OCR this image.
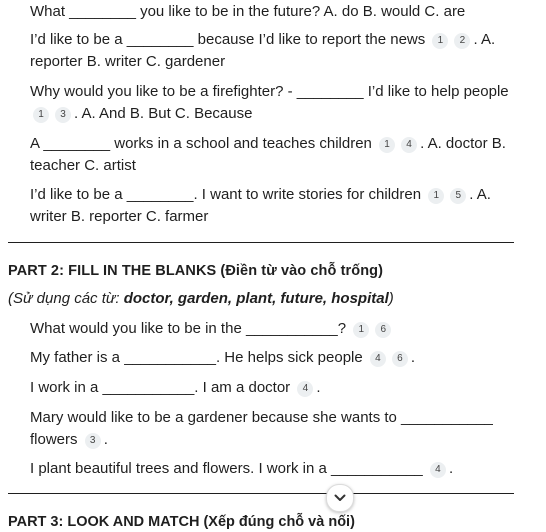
What ________ you like to be in the future? A. do B. would C. are
I’d like to be a ________ because I’d like to report the news 1 2 . A. reporter B. writer C. gardener
Why would you like to be a firefighter? - ________ I’d like to help people 1 3 . A. And B. But C. Because
A ________ works in a school and teaches children 1 4 . A. doctor B. teacher C. artist
I’d like to be a ________. I want to write stories for children 1 5 . A. writer B. reporter C. farmer
PART 2: FILL IN THE BLANKS (Điền từ vào chỗ trống)
(Sử dụng các từ: doctor, garden, plant, future, hospital)
What would you like to be in the ___________? 1 6
My father is a ___________. He helps sick people 4 6 .
I work in a ___________. I am a doctor 4 .
Mary would like to be a gardener because she wants to ___________ flowers 3 .
I plant beautiful trees and flowers. I work in a ___________ 4 .
PART 3: LOOK AND MATCH (Xếp đúng chỗ và nối)
